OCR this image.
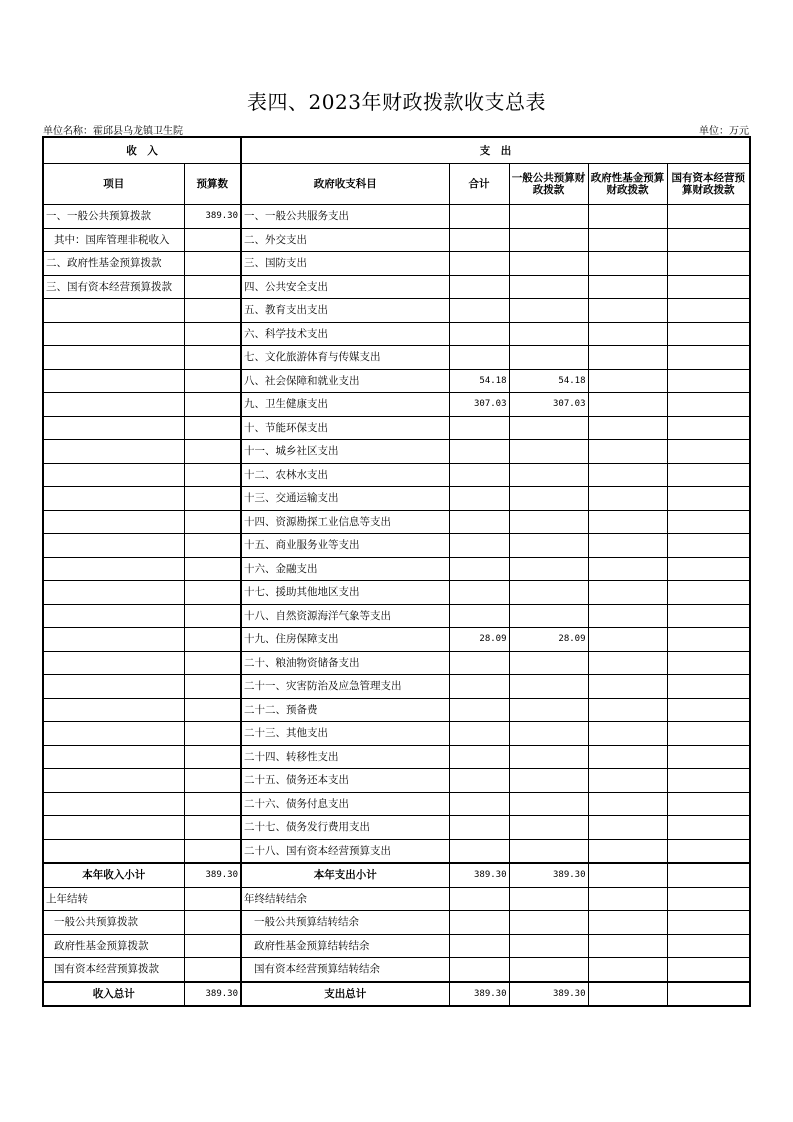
表四、2023年财政拨款收支总表
单位名称：霍邱县乌龙镇卫生院	单位：万元
收　入		支　出				
项目	预算数	政府收支科目	合计	一般公共预算财政拨款	政府性基金预算财政拨款	国有资本经营预算财政拨款
一、一般公共预算拨款	389.30	一、一般公共服务支出				
其中：国库管理非税收入		二、外交支出				
二、政府性基金预算拨款		三、国防支出				
三、国有资本经营预算拨款		四、公共安全支出				
		五、教育支出支出				
		六、科学技术支出				
		七、文化旅游体育与传媒支出				
		八、社会保障和就业支出	54.18	54.18		
		九、卫生健康支出	307.03	307.03		
		十、节能环保支出				
		十一、城乡社区支出				
		十二、农林水支出				
		十三、交通运输支出				
		十四、资源勘探工业信息等支出				
		十五、商业服务业等支出				
		十六、金融支出				
		十七、援助其他地区支出				
		十八、自然资源海洋气象等支出				
		十九、住房保障支出	28.09	28.09		
		二十、粮油物资储备支出				
		二十一、灾害防治及应急管理支出				
		二十二、预备费				
		二十三、其他支出				
		二十四、转移性支出				
		二十五、债务还本支出				
		二十六、债务付息支出				
		二十七、债务发行费用支出				
		二十八、国有资本经营预算支出				
本年收入小计	389.30	本年支出小计	389.30	389.30		
上年结转		年终结转结余				
一般公共预算拨款		一般公共预算结转结余				
政府性基金预算拨款		政府性基金预算结转结余				
国有资本经营预算拨款		国有资本经营预算结转结余				
收入总计	389.30	支出总计	389.30	389.30		
